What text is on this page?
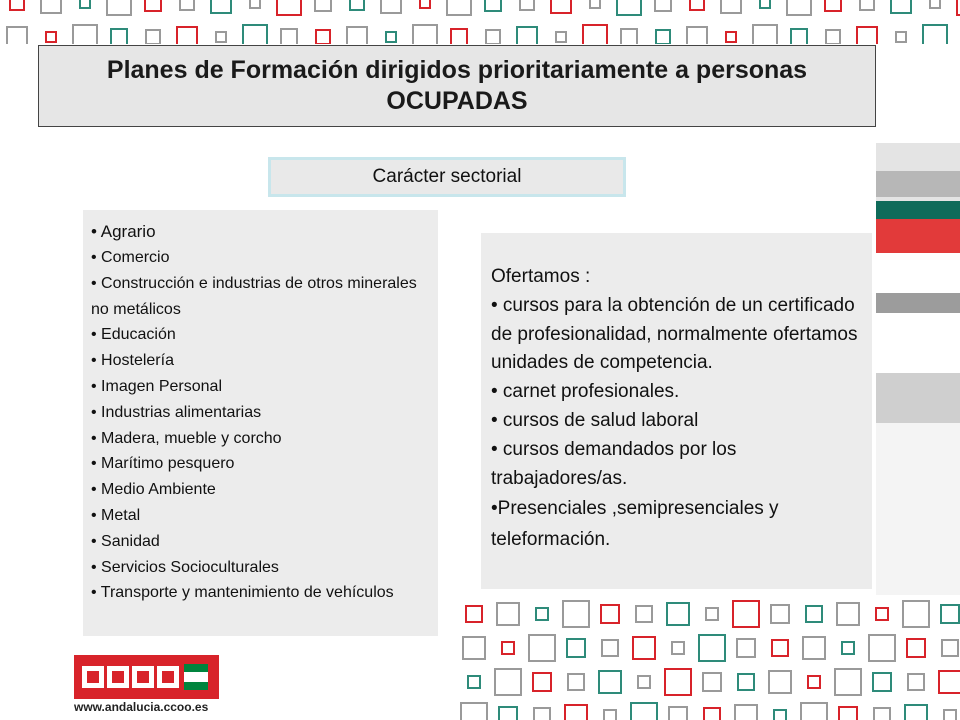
Planes de Formación dirigidos prioritariamente a personas OCUPADAS
Carácter sectorial
• Agrario
• Comercio
• Construcción e industrias de otros minerales no metálicos
• Educación
• Hostelería
• Imagen Personal
• Industrias alimentarias
• Madera, mueble y corcho
• Marítimo pesquero
• Medio Ambiente
• Metal
• Sanidad
• Servicios Socioculturales
• Transporte y mantenimiento de vehículos
Ofertamos :
• cursos para la obtención de un certificado de profesionalidad, normalmente ofertamos unidades de competencia.
• carnet profesionales.
• cursos de salud laboral
• cursos demandados por los trabajadores/as.
•Presenciales ,semipresenciales y teleformación.
www.andalucia.ccoo.es
